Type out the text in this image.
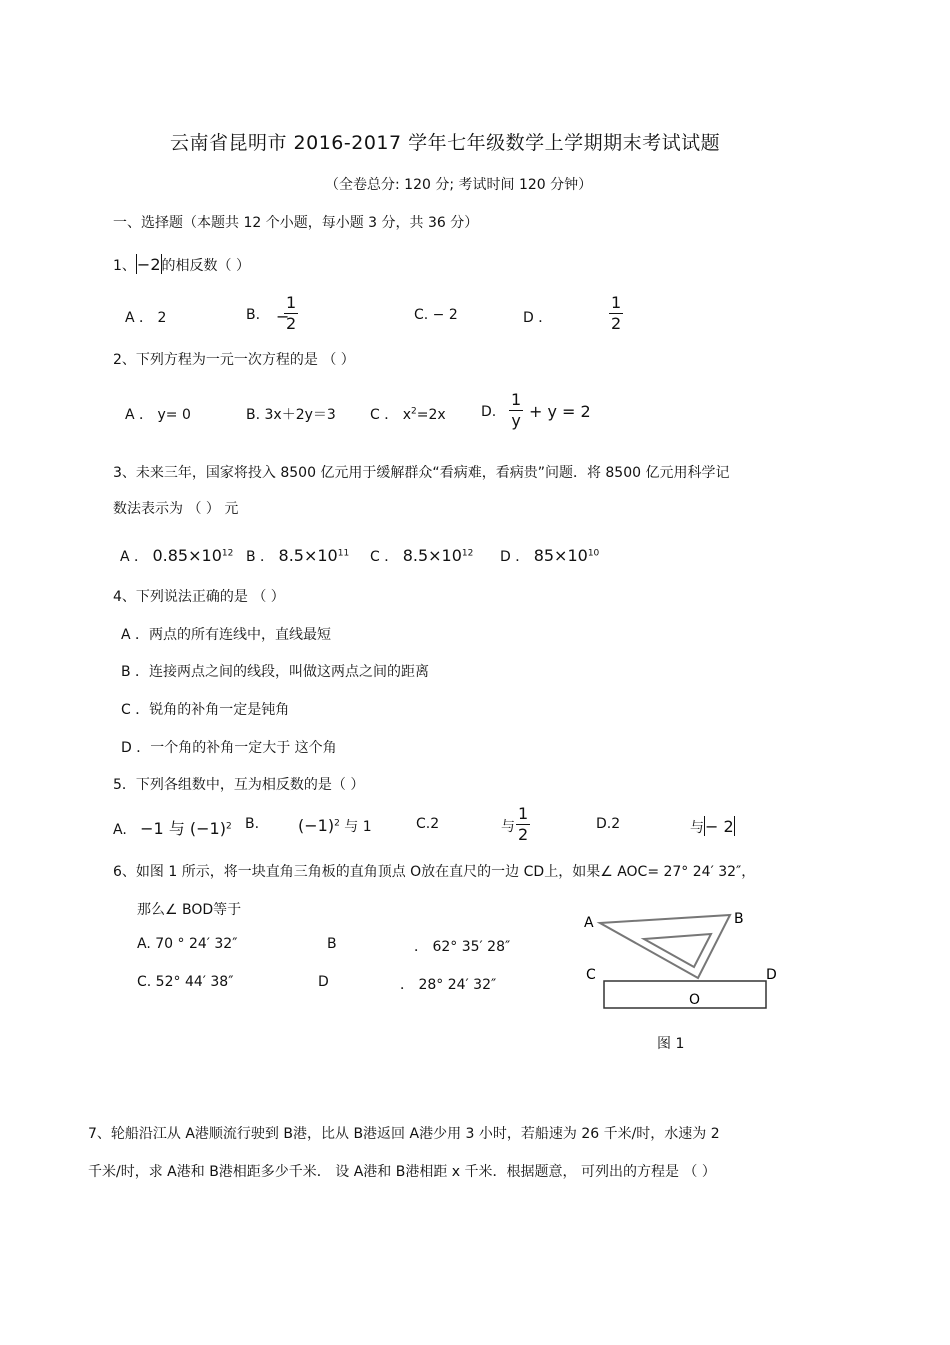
云南省昆明市 2016-2017 学年七年级数学上学期期末考试试题
（全卷总分: 120 分; 考试时间 120 分钟）
一、选择题（本题共 12 个小题，每小题 3 分，共 36 分）
1、−2的相反数（ ）
A ． 2	B. −
1
2	C. − 2	D ．
1
2
2、下列方程为一元一次方程的是 （ ）
A ． y= 0	B. 3x＋2y＝3 C ． $x^2=2x$	D.
1
y + y = 2
3、未来三年，国家将投入 8500 亿元用于缓解群众“看病难，看病贵”问题．将 8500 亿元用科学记
数法表示为 （ ） 元
A ． $0.85\times 10^{12}$ B ． $8.5\times 10^{11}$ C ． $8.5\times 10^{12}$ D ． $85\times 10^{10}$
4、下列说法正确的是 （ ）
A ．两点的所有连线中，直线最短
B ．连接两点之间的线段，叫做这两点之间的距离
C ．锐角的补角一定是钝角
D ．一个角的补角一定大于 这个角
5．下列各组数中，互为相反数的是（ ）
A. −1 与 $(-1)^2$ B. $(-1)^2$ 与 1	C.2	与
1
2
D.2	与− 2
6、如图 1 所示，将一块直角三角板的直角顶点 O放在直尺的一边 CD上，如果∠ AOC= 27° 24′ 32″，
那么∠ BOD等于
A. 70 ° 24′ 32″	B	． 62° 35′ 28″
C. 52° 44′ 38″	D	． 28° 24′ 32″
A	B
C	D
O
图 1
7、轮船沿江从 A港顺流行驶到 B港，比从 B港返回 A港少用 3 小时，若船速为 26 千米/时，水速为 2
千米/时，求 A港和 B港相距多少千米． 设 A港和 B港相距 x 千米．根据题意， 可列出的方程是 （ ）
